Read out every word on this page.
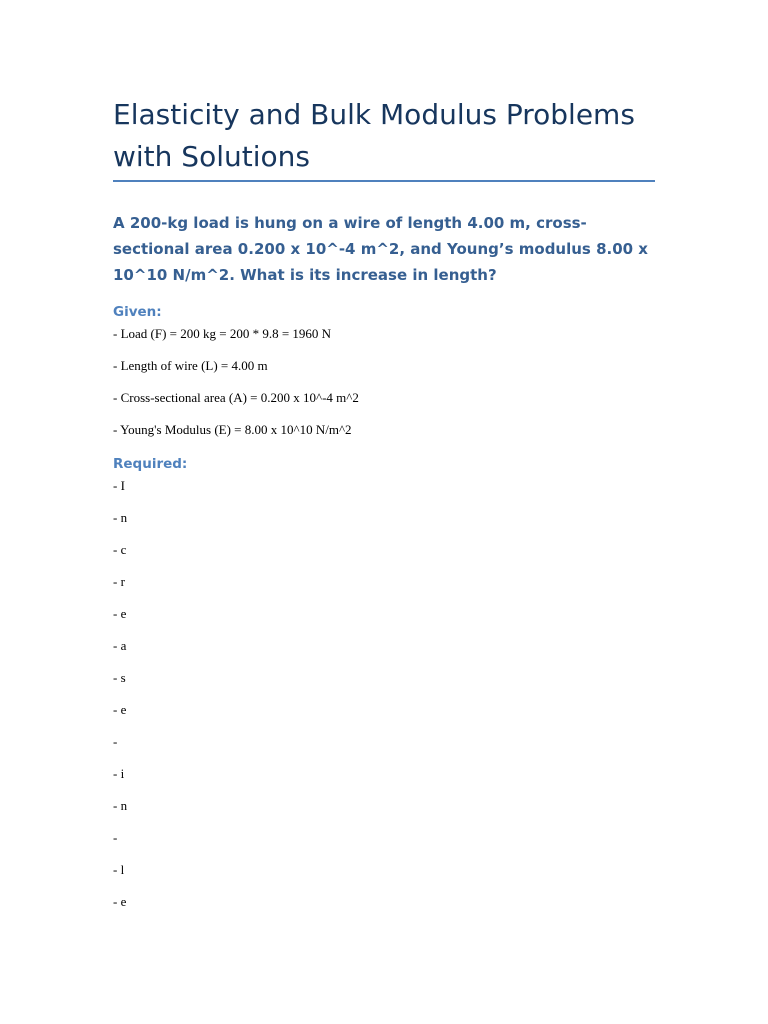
Elasticity and Bulk Modulus Problems with Solutions

A 200-kg load is hung on a wire of length 4.00 m, cross-sectional area 0.200 x 10^-4 m^2, and Young’s modulus 8.00 x 10^10 N/m^2. What is its increase in length?

Given:
- Load (F) = 200 kg = 200 * 9.8 = 1960 N
- Length of wire (L) = 4.00 m
- Cross-sectional area (A) = 0.200 x 10^-4 m^2
- Young's Modulus (E) = 8.00 x 10^10 N/m^2
Required:
- I
- n
- c
- r
- e
- a
- s
- e
-
- i
- n
-
- l
- e
